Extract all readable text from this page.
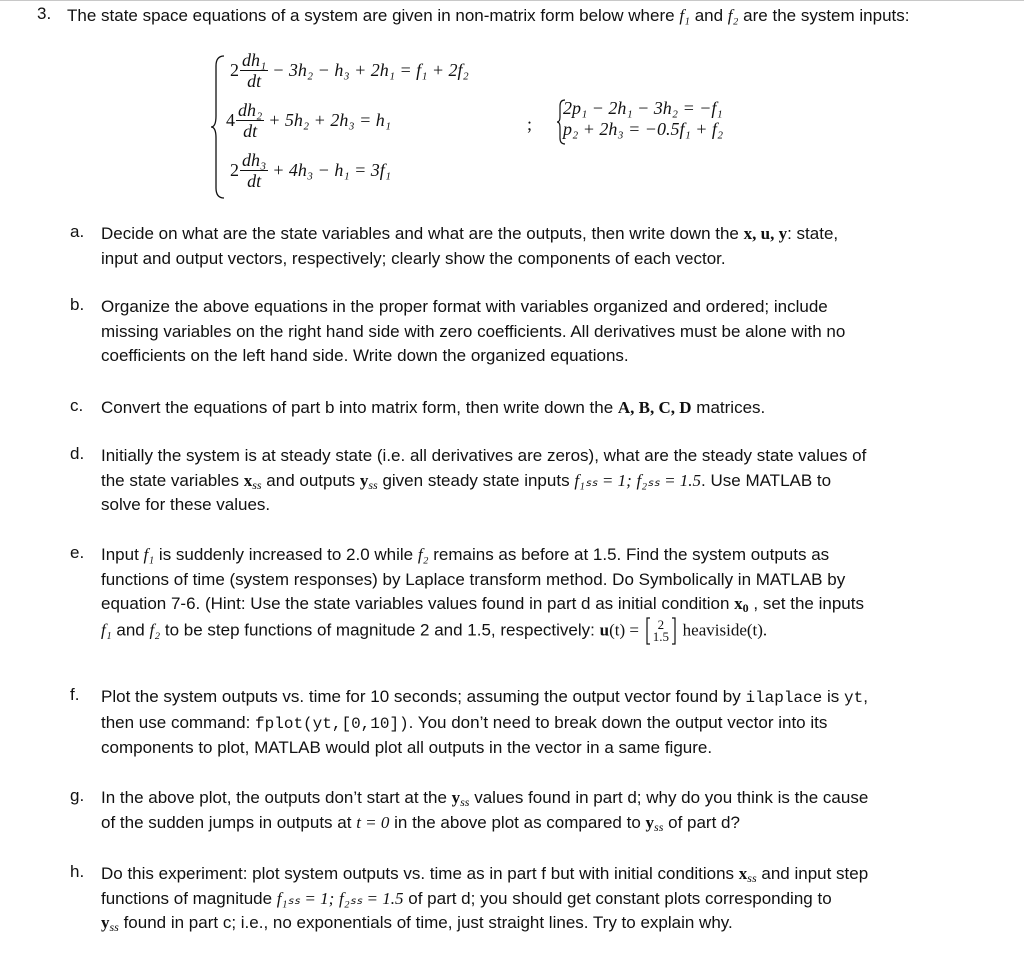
3. The state space equations of a system are given in non-matrix form below where f₁ and f₂ are the system inputs:
$2 \frac{\text{dh₁}}{dt} - 3h_2 - h_3 + 2h_1 = f_1 + 2f_2$
$4 \frac{\text{dh₂}}{dt} + 5h_2 + 2h_3 = h_1$
$2 \frac{\text{dh₃}}{dt} + 4h_3 - h_1 = 3f_1$
;
2p₁ − 2h₁ − 3h₂ = −f₁
p₂ + 2h₃ = −0.5f₁ + f₂
a. Decide on what are the state variables and what are the outputs, then write down the x, u, y: state,
input and output vectors, respectively; clearly show the components of each vector.
b. Organize the above equations in the proper format with variables organized and ordered; include
missing variables on the right hand side with zero coefficients. All derivatives must be alone with no
coefficients on the left hand side. Write down the organized equations.
c. Convert the equations of part b into matrix form, then write down the A, B, C, D matrices.
d. Initially the system is at steady state (i.e. all derivatives are zeros), what are the steady state values of
the state variables $x_{ss}$ and outputs $y_{ss}$ given steady state inputs f₁ₛₛ = 1; f₂ₛₛ = 1.5. Use MATLAB to
solve for these values.
e. Input f₁ is suddenly increased to 2.0 while f₂ remains as before at 1.5. Find the system outputs as
functions of time (system responses) by Laplace transform method. Do Symbolically in MATLAB by
equation 7-6. (Hint: Use the state variables values found in part d as initial condition $x_0$ , set the inputs
f₁ and f₂ to be step functions of magnitude 2 and 1.5, respectively: u(t) = 2
1.5 heaviside(t).
f. Plot the system outputs vs. time for 10 seconds; assuming the output vector found by ilaplace is yt,
then use command: fplot(yt,[0,10]). You don’t need to break down the output vector into its
components to plot, MATLAB would plot all outputs in the vector in a same figure.
g. In the above plot, the outputs don’t start at the $y_{ss}$ values found in part d; why do you think is the cause
of the sudden jumps in outputs at t = 0 in the above plot as compared to $y_{ss}$ of part d?
h. Do this experiment: plot system outputs vs. time as in part f but with initial conditions $x_{ss}$ and input step
functions of magnitude f₁ₛₛ = 1; f₂ₛₛ = 1.5 of part d; you should get constant plots corresponding to
$y_{ss}$ found in part c; i.e., no exponentials of time, just straight lines. Try to explain why.
